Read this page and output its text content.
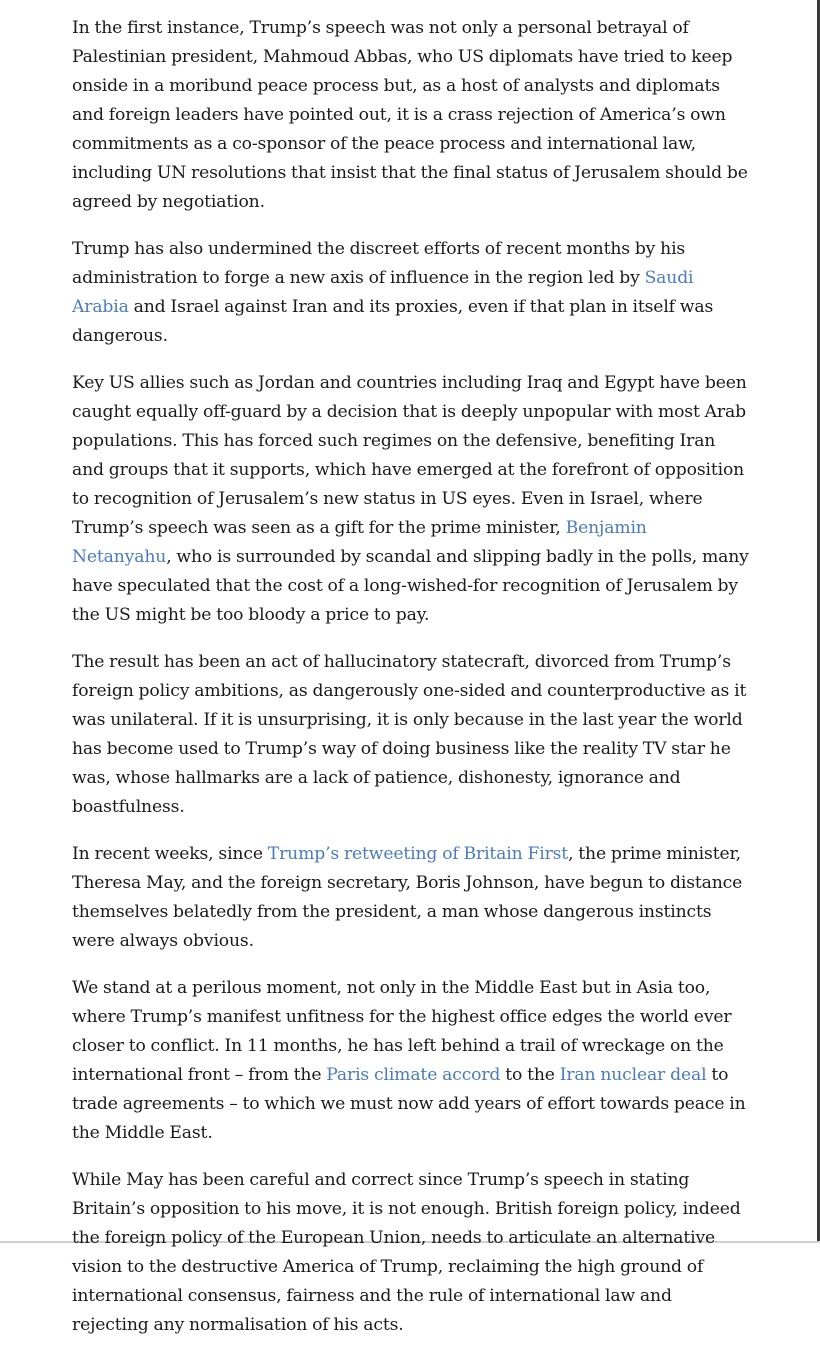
In the first instance, Trump’s speech was not only a personal betrayal of Palestinian president, Mahmoud Abbas, who US diplomats have tried to keep onside in a moribund peace process but, as a host of analysts and diplomats and foreign leaders have pointed out, it is a crass rejection of America’s own commitments as a co-sponsor of the peace process and international law, including UN resolutions that insist that the final status of Jerusalem should be agreed by negotiation.

Trump has also undermined the discreet efforts of recent months by his administration to forge a new axis of influence in the region led by Saudi Arabia and Israel against Iran and its proxies, even if that plan in itself was dangerous.

Key US allies such as Jordan and countries including Iraq and Egypt have been caught equally off-guard by a decision that is deeply unpopular with most Arab populations. This has forced such regimes on the defensive, benefiting Iran and groups that it supports, which have emerged at the forefront of opposition to recognition of Jerusalem’s new status in US eyes. Even in Israel, where Trump’s speech was seen as a gift for the prime minister, Benjamin Netanyahu, who is surrounded by scandal and slipping badly in the polls, many have speculated that the cost of a long-wished-for recognition of Jerusalem by the US might be too bloody a price to pay.

The result has been an act of hallucinatory statecraft, divorced from Trump’s foreign policy ambitions, as dangerously one-sided and counterproductive as it was unilateral. If it is unsurprising, it is only because in the last year the world has become used to Trump’s way of doing business like the reality TV star he was, whose hallmarks are a lack of patience, dishonesty, ignorance and boastfulness.

In recent weeks, since Trump’s retweeting of Britain First, the prime minister, Theresa May, and the foreign secretary, Boris Johnson, have begun to distance themselves belatedly from the president, a man whose dangerous instincts were always obvious.

We stand at a perilous moment, not only in the Middle East but in Asia too, where Trump’s manifest unfitness for the highest office edges the world ever closer to conflict. In 11 months, he has left behind a trail of wreckage on the international front – from the Paris climate accord to the Iran nuclear deal to trade agreements – to which we must now add years of effort towards peace in the Middle East.

While May has been careful and correct since Trump’s speech in stating Britain’s opposition to his move, it is not enough. British foreign policy, indeed the foreign policy of the European Union, needs to articulate an alternative vision to the destructive America of Trump, reclaiming the high ground of international consensus, fairness and the rule of international law and rejecting any normalisation of his acts.
